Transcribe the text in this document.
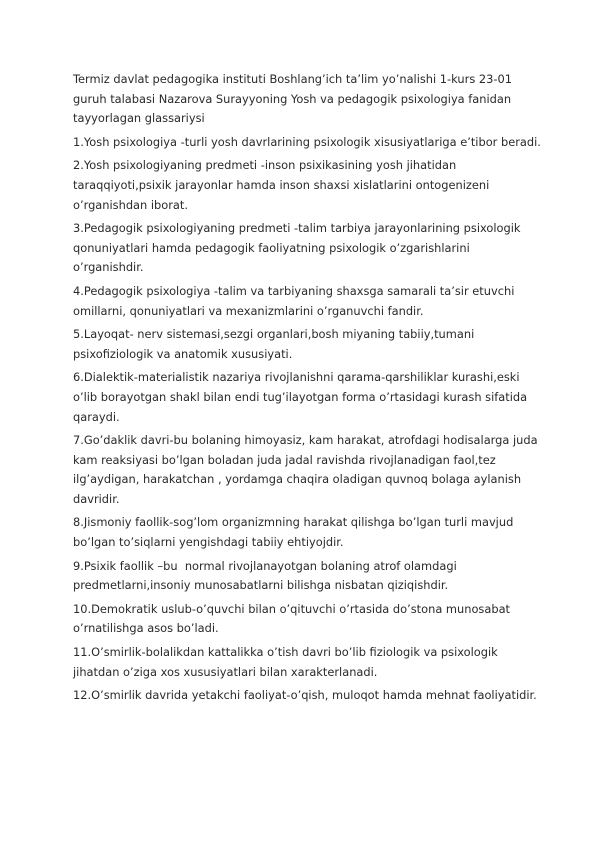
Termiz davlat pedagogika instituti Boshlang’ich ta’lim yo’nalishi 1-kurs 23-01 guruh talabasi Nazarova Surayyoning Yosh va pedagogik psixologiya fanidan tayyorlagan glassariysi

1.Yosh psixologiya -turli yosh davrlarining psixologik xisusiyatlariga e’tibor beradi.

2.Yosh psixologiyaning predmeti -inson psixikasining yosh jihatidan taraqqiyoti,psixik jarayonlar hamda inson shaxsi xislatlarini ontogenizeni o’rganishdan iborat.

3.Pedagogik psixologiyaning predmeti -talim tarbiya jarayonlarining psixologik qonuniyatlari hamda pedagogik faoliyatning psixologik o’zgarishlarini o’rganishdir.

4.Pedagogik psixologiya -talim va tarbiyaning shaxsga samarali ta’sir etuvchi omillarni, qonuniyatlari va mexanizmlarini o’rganuvchi fandir.

5.Layoqat- nerv sistemasi,sezgi organlari,bosh miyaning tabiiy,tumani psixofiziologik va anatomik xususiyati.

6.Dialektik-materialistik nazariya rivojlanishni qarama-qarshiliklar kurashi,eski o’lib borayotgan shakl bilan endi tug’ilayotgan forma o’rtasidagi kurash sifatida qaraydi.

7.Go’daklik davri-bu bolaning himoyasiz, kam harakat, atrofdagi hodisalarga juda kam reaksiyasi bo’lgan boladan juda jadal ravishda rivojlanadigan faol,tez ilg’aydigan, harakatchan , yordamga chaqira oladigan quvnoq bolaga aylanish davridir.

8.Jismoniy faollik-sog’lom organizmning harakat qilishga bo’lgan turli mavjud bo’lgan to’siqlarni yengishdagi tabiiy ehtiyojdir.

9.Psixik faollik –bu  normal rivojlanayotgan bolaning atrof olamdagi predmetlarni,insoniy munosabatlarni bilishga nisbatan qiziqishdir.

10.Demokratik uslub-o’quvchi bilan o’qituvchi o’rtasida do’stona munosabat o’rnatilishga asos bo’ladi.

11.O’smirlik-bolalikdan kattalikka o’tish davri bo’lib fiziologik va psixologik jihatdan o’ziga xos xususiyatlari bilan xarakterlanadi.

12.O’smirlik davrida yetakchi faoliyat-o’qish, muloqot hamda mehnat faoliyatidir.
